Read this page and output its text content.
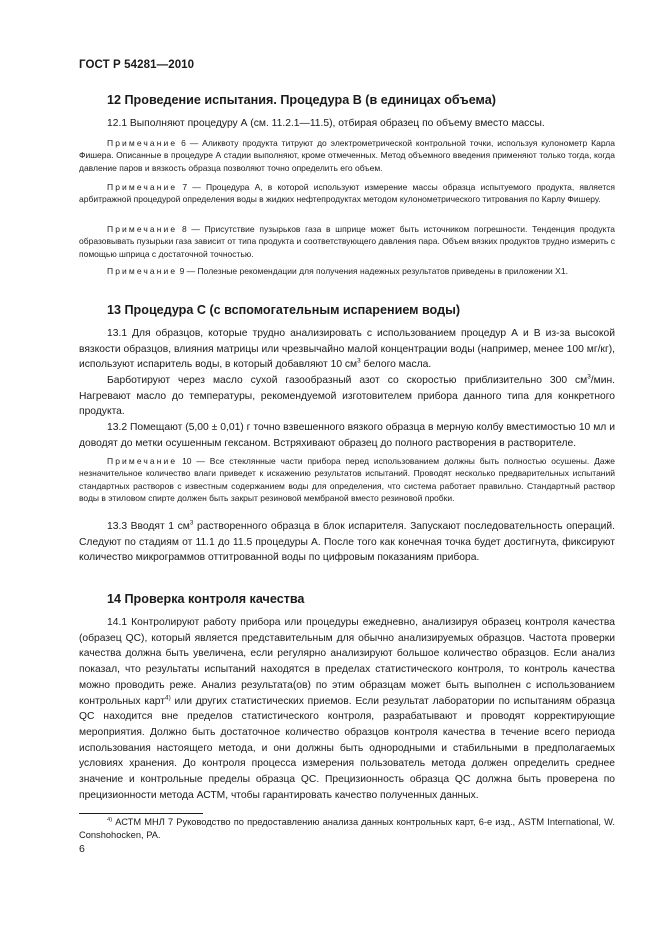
ГОСТ Р 54281—2010
12 Проведение испытания. Процедура В (в единицах объема)
12.1 Выполняют процедуру А (см. 11.2.1—11.5), отбирая образец по объему вместо массы.
Примечание 6 — Аликвоту продукта титруют до электрометрической контрольной точки, используя кулонометр Карла Фишера. Описанные в процедуре А стадии выполняют, кроме отмеченных. Метод объемного введения применяют только тогда, когда давление паров и вязкость образца позволяют точно определить его объем.
Примечание 7 — Процедура А, в которой используют измерение массы образца испытуемого продукта, является арбитражной процедурой определения воды в жидких нефтепродуктах методом кулонометрического титрования по Карлу Фишеру.
Примечание 8 — Присутствие пузырьков газа в шприце может быть источником погрешности. Тенденция продукта образовывать пузырьки газа зависит от типа продукта и соответствующего давления пара. Объем вязких продуктов трудно измерить с помощью шприца с достаточной точностью.
Примечание 9 — Полезные рекомендации для получения надежных результатов приведены в приложении Х1.
13 Процедура С (с вспомогательным испарением воды)
13.1 Для образцов, которые трудно анализировать с использованием процедур А и В из-за высокой вязкости образцов, влияния матрицы или чрезвычайно малой концентрации воды (например, менее 100 мг/кг), используют испаритель воды, в который добавляют 10 $см^3$ белого масла.
Барботируют через масло сухой газообразный азот со скоростью приблизительно 300 $см^3$/мин. Нагревают масло до температуры, рекомендуемой изготовителем прибора данного типа для конкретного продукта.
13.2 Помещают (5,00 ± 0,01) г точно взвешенного вязкого образца в мерную колбу вместимостью 10 мл и доводят до метки осушенным гексаном. Встряхивают образец до полного растворения в растворителе.
Примечание 10 — Все стеклянные части прибора перед использованием должны быть полностью осушены. Даже незначительное количество влаги приведет к искажению результатов испытаний. Проводят несколько предварительных испытаний стандартных растворов с известным содержанием воды для определения, что система работает правильно. Стандартный раствор воды в этиловом спирте должен быть закрыт резиновой мембраной вместо резиновой пробки.
13.3 Вводят 1 $см^3$ растворенного образца в блок испарителя. Запускают последовательность операций. Следуют по стадиям от 11.1 до 11.5 процедуры А. После того как конечная точка будет достигнута, фиксируют количество микрограммов оттитрованной воды по цифровым показаниям прибора.
14 Проверка контроля качества
14.1 Контролируют работу прибора или процедуры ежедневно, анализируя образец контроля качества (образец QC), который является представительным для обычно анализируемых образцов. Частота проверки качества должна быть увеличена, если регулярно анализируют большое количество образцов. Если анализ показал, что результаты испытаний находятся в пределах статистического контроля, то контроль качества можно проводить реже. Анализ результата(ов) по этим образцам может быть выполнен с использованием контрольных карт$^{4)}$ или других статистических приемов. Если результат лаборатории по испытаниям образца QC находится вне пределов статистического контроля, разрабатывают и проводят корректирующие мероприятия. Должно быть достаточное количество образцов контроля качества в течение всего периода использования настоящего метода, и они должны быть однородными и стабильными в предполагаемых условиях хранения. До контроля процесса измерения пользователь метода должен определить среднее значение и контрольные пределы образца QC. Прецизионность образца QC должна быть проверена по прецизионности метода АСТМ, чтобы гарантировать качество полученных данных.
$^{4)}$ АСТМ МНЛ 7 Руководство по предоставлению анализа данных контрольных карт, 6-е изд., ASTM International, W. Conshohocken, PA.
6
